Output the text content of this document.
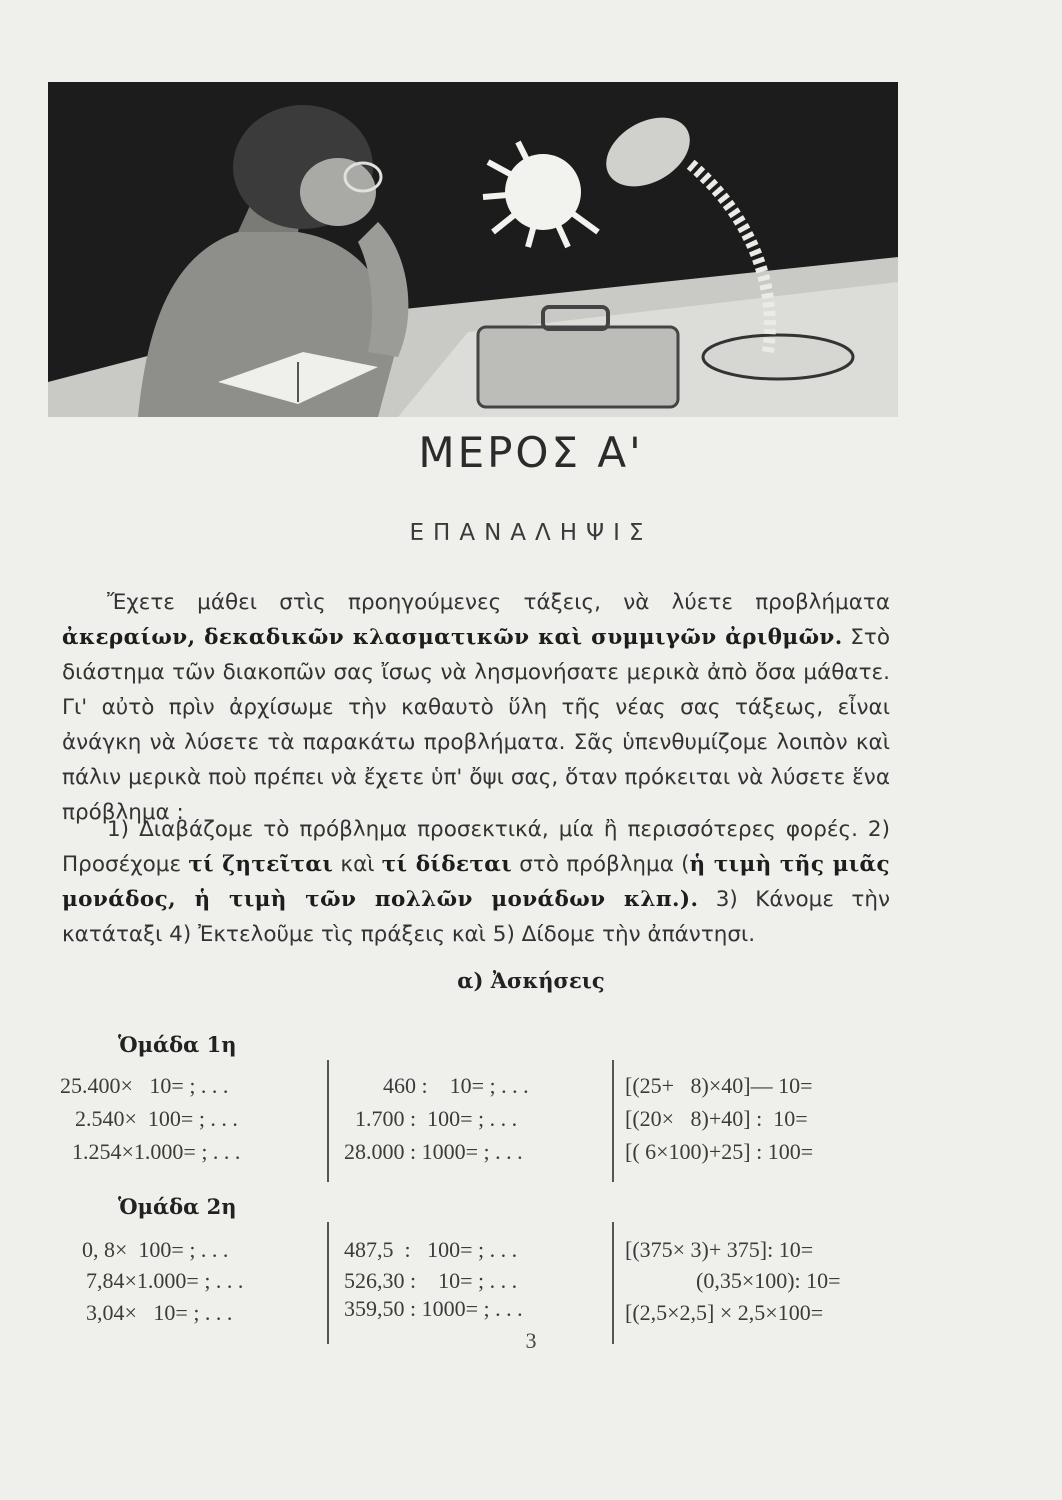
ΜΕΡΟΣ Α'
ΕΠΑΝΑΛΗΨΙΣ
Ἔχετε μάθει στὶς προηγούμενες τάξεις, νὰ λύετε προβλήματα ἀκεραίων, δεκαδικῶν κλασματικῶν καὶ συμμιγῶν ἀριθμῶν. Στὸ διάστημα τῶν διακοπῶν σας ἴσως νὰ λησμονήσατε μερικὰ ἀπὸ ὅσα μάθατε. Γι' αὐτὸ πρὶν ἀρχίσωμε τὴν καθαυτὸ ὕλη τῆς νέας σας τάξεως, εἶναι ἀνάγκη νὰ λύσετε τὰ παρακάτω προβλήματα. Σᾶς ὑπενθυμίζομε λοιπὸν καὶ πάλιν μερικὰ ποὺ πρέπει νὰ ἔχετε ὑπ' ὄψι σας, ὅταν πρόκειται νὰ λύσετε ἕνα πρόβλημα :
1) Διαβάζομε τὸ πρόβλημα προσεκτικά, μία ἢ περισσότερες φορές. 2) Προσέχομε τί ζητεῖται καὶ τί δίδεται στὸ πρόβλημα (ἡ τιμὴ τῆς μιᾶς μονάδος, ἡ τιμὴ τῶν πολλῶν μονάδων κλπ.). 3) Κάνομε τὴν κατάταξι 4) Ἐκτελοῦμε τὶς πράξεις καὶ 5) Δίδομε τὴν ἀπάντησι.
α) Ἀσκήσεις
Ὁμάδα 1η
25.400×   10= ; . . .	460 :    10= ; . . .	[(25+   8)×40]— 10=
2.540×  100= ; . . .	1.700 :  100= ; . . .	[(20×   8)+40] :  10=
1.254×1.000= ; . . .	28.000 : 1000= ; . . .	[( 6×100)+25] : 100=
Ὁμάδα 2η
0, 8×  100= ; . . .	487,5  :   100= ; . . .	[(375× 3)+ 375]: 10=
7,84×1.000= ; . . .	526,30 :    10= ; . . .	(0,35×100): 10=
3,04×   10= ; . . .	359,50 : 1000= ; . . .	[(2,5×2,5] × 2,5×100=
3
